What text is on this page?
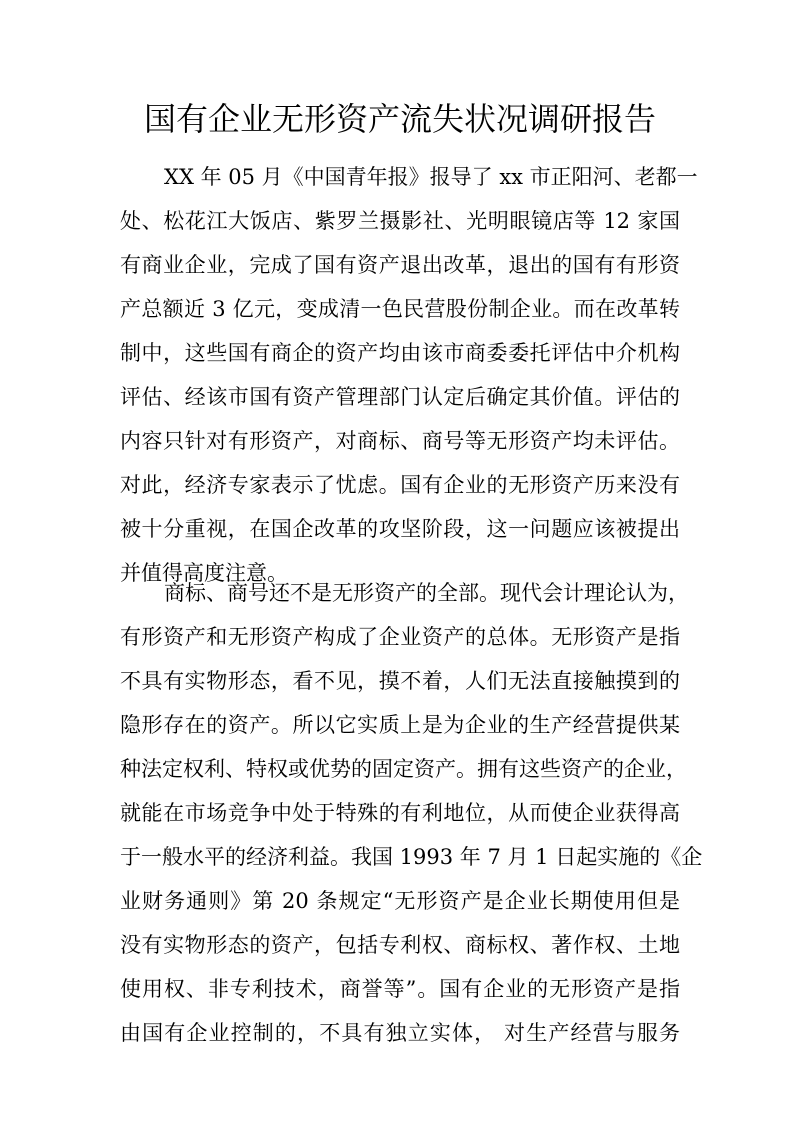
国有企业无形资产流失状况调研报告
XX 年 05 月《中国青年报》报导了 xx 市正阳河、老都一
处、松花江大饭店、紫罗兰摄影社、光明眼镜店等 12 家国
有商业企业，完成了国有资产退出改革，退出的国有有形资
产总额近 3 亿元，变成清一色民营股份制企业。而在改革转
制中，这些国有商企的资产均由该市商委委托评估中介机构
评估、经该市国有资产管理部门认定后确定其价值。评估的
内容只针对有形资产，对商标、商号等无形资产均未评估。
对此，经济专家表示了忧虑。国有企业的无形资产历来没有
被十分重视，在国企改革的攻坚阶段，这一问题应该被提出
并值得高度注意。
商标、商号还不是无形资产的全部。现代会计理论认为，
有形资产和无形资产构成了企业资产的总体。无形资产是指
不具有实物形态，看不见，摸不着，人们无法直接触摸到的
隐形存在的资产。所以它实质上是为企业的生产经营提供某
种法定权利、特权或优势的固定资产。拥有这些资产的企业，
就能在市场竞争中处于特殊的有利地位，从而使企业获得高
于一般水平的经济利益。我国 1993 年 7 月 1 日起实施的《企
业财务通则》第 20 条规定“无形资产是企业长期使用但是
没有实物形态的资产，包括专利权、商标权、著作权、土地
使用权、非专利技术，商誉等”。国有企业的无形资产是指
由国有企业控制的，不具有独立实体， 对生产经营与服务
